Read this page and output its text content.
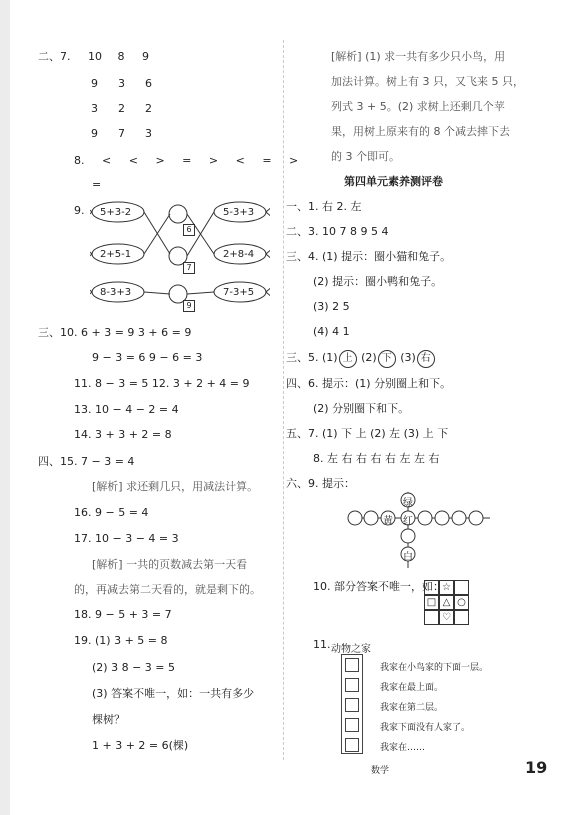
二、7. 10 8 9
9 3 6
3 2 2
9 7 3
8. < < > = > < = >
=
9. 5+3-2
2+5-1
8-3+3
5-3+3
2+8-4
7-3+5
6
7
9
三、10. 6 + 3 = 9 3 + 6 = 9
9 − 3 = 6 9 − 6 = 3
11. 8 − 3 = 5 12. 3 + 2 + 4 = 9
13. 10 − 4 − 2 = 4
14. 3 + 3 + 2 = 8
四、15. 7 − 3 = 4
[解析] 求还剩几只，用减法计算。
16. 9 − 5 = 4
17. 10 − 3 − 4 = 3
[解析] 一共的页数减去第一天看
的，再减去第二天看的，就是剩下的。
18. 9 − 5 + 3 = 7
19. (1) 3 + 5 = 8
(2) 3 8 − 3 = 5
(3) 答案不唯一，如：一共有多少
棵树？
1 + 3 + 2 = 6(棵)
[解析] (1) 求一共有多少只小鸟，用
加法计算。树上有 3 只，又飞来 5 只，
列式 3 + 5。(2) 求树上还剩几个苹
果，用树上原来有的 8 个减去摔下去
的 3 个即可。
第四单元素养测评卷
一、1. 右 2. 左
二、3. 10 7 8 9 5 4
三、4. (1) 提示：圈小猫和兔子。
(2) 提示：圈小鸭和兔子。
(3) 2 5
(4) 4 1
三、5. (1) 上 (2) 下 (3) 右
四、6. 提示：(1) 分别圈上和下。
(2) 分别圈下和下。
五、7. (1) 下 上 (2) 左 (3) 上 下
8. 左 右 右 右 右 左 左 右
六、9. 提示：
绿
红
黄
白
10. 部分答案不唯一，如：
☆
□ △ ○
♡
11. 动物之家
我家在小鸟家的下面一层。
我家在最上面。
我家在第二层。
我家下面没有人家了。
我家在……
数学	19
